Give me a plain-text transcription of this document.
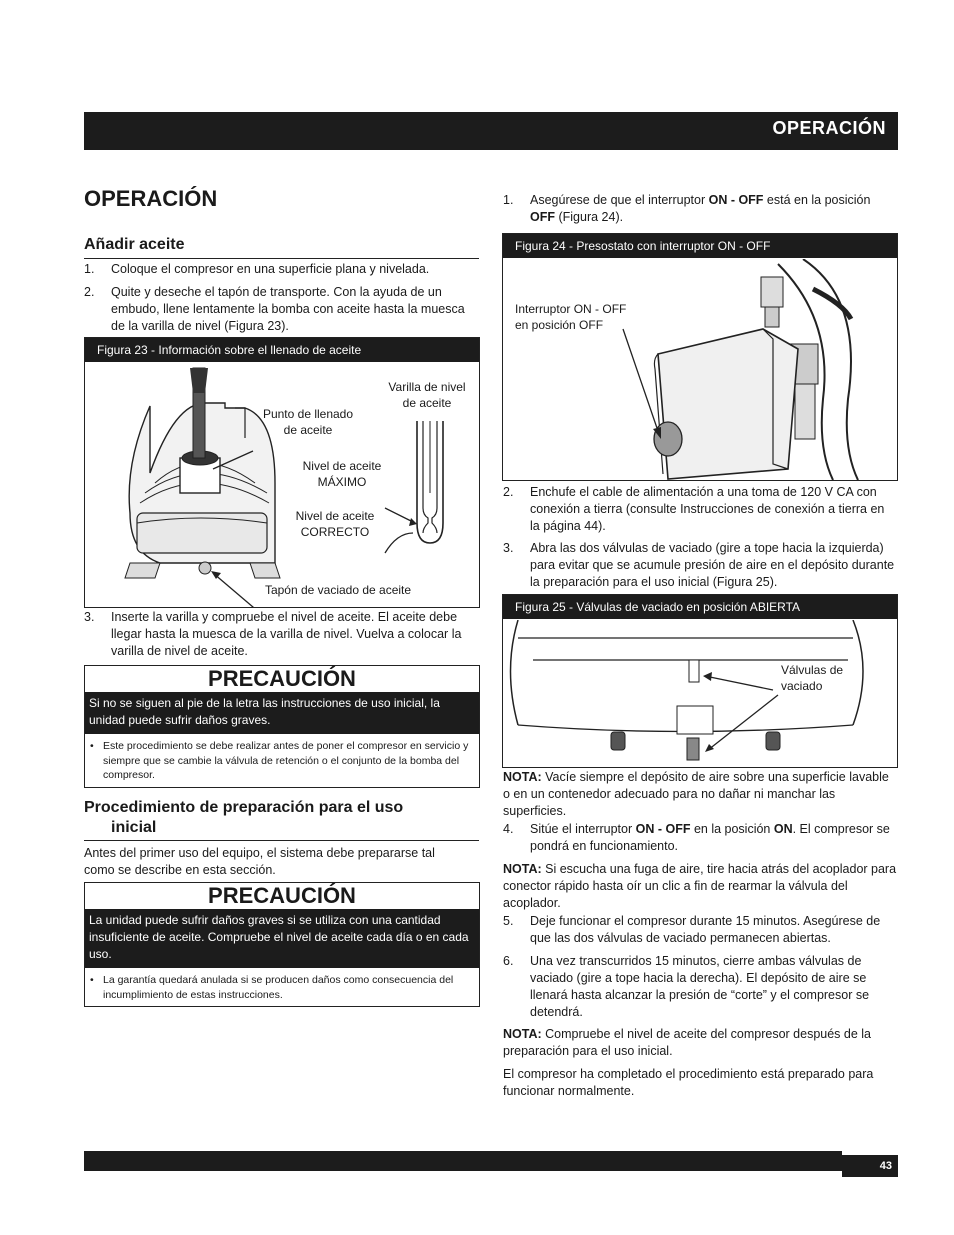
OPERACIÓN
OPERACIÓN
Añadir aceite
1. Coloque el compresor en una superficie plana y nivelada.
2. Quite y deseche el tapón de transporte. Con la ayuda de un embudo, llene lentamente la bomba con aceite hasta la muesca de la varilla de nivel (Figura 23).
Figura 23 - Información sobre el llenado de aceite
Punto de llenado
de aceite
Varilla de nivel
de aceite
Nivel de aceite
MÁXIMO
Nivel de aceite
CORRECTO
Tapón de vaciado de aceite
3. Inserte la varilla y compruebe el nivel de aceite. El aceite debe llegar hasta la muesca de la varilla de nivel. Vuelva a colocar la varilla de nivel de aceite.
PRECAUCIÓN
Si no se siguen al pie de la letra las instrucciones de uso inicial, la unidad puede sufrir daños graves.
• Este procedimiento se debe realizar antes de poner el compresor en servicio y siempre que se cambie la válvula de retención o el conjunto de la bomba del compresor.
Procedimiento de preparación para el uso
inicial
Antes del primer uso del equipo, el sistema debe prepararse tal como se describe en esta sección.
PRECAUCIÓN
La unidad puede sufrir daños graves si se utiliza con una cantidad insuficiente de aceite. Compruebe el nivel de aceite cada día o en cada uso.
• La garantía quedará anulada si se producen daños como consecuencia del incumplimiento de estas instrucciones.
1. Asegúrese de que el interruptor ON - OFF está en la posición OFF (Figura 24).
Figura 24 - Presostato con interruptor ON - OFF
Interruptor ON - OFF
en posición OFF
2. Enchufe el cable de alimentación a una toma de 120 V CA con conexión a tierra (consulte Instrucciones de conexión a tierra en la página 44).
3. Abra las dos válvulas de vaciado (gire a tope hacia la izquierda) para evitar que se acumule presión de aire en el depósito durante la preparación para el uso inicial (Figura 25).
Figura 25 - Válvulas de vaciado en posición ABIERTA
Válvulas de
vaciado
NOTA: Vacíe siempre el depósito de aire sobre una superficie lavable o en un contenedor adecuado para no dañar ni manchar las superficies.
4. Sitúe el interruptor ON - OFF en la posición ON. El compresor se pondrá en funcionamiento.
NOTA: Si escucha una fuga de aire, tire hacia atrás del acoplador para conector rápido hasta oír un clic a fin de rearmar la válvula del acoplador.
5. Deje funcionar el compresor durante 15 minutos. Asegúrese de que las dos válvulas de vaciado permanecen abiertas.
6. Una vez transcurridos 15 minutos, cierre ambas válvulas de vaciado (gire a tope hacia la derecha). El depósito de aire se llenará hasta alcanzar la presión de “corte” y el compresor se detendrá.
NOTA: Compruebe el nivel de aceite del compresor después de la preparación para el uso inicial.
El compresor ha completado el procedimiento está preparado para funcionar normalmente.
43
